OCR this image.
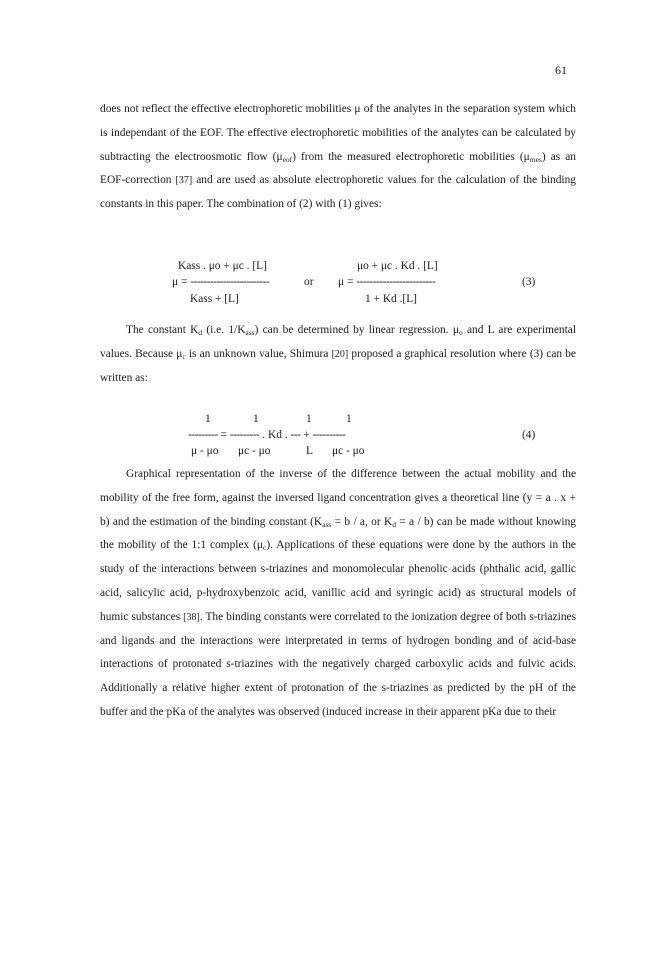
61

does not reflect the effective electrophoretic mobilities μ of the analytes in the separation system which is independant of the EOF. The effective electrophoretic mobilities of the analytes can be calculated by subtracting the electroosmotic flow $(\mu_{eof})$ from the measured electrophoretic mobilities $(\mu_{mes})$ as an EOF-correction [37] and are used as absolute electrophoretic values for the calculation of the binding constants in this paper. The combination of (2) with (1) gives:

Kass . μo + μc . [L]
μ = ------------------------
Kass + [L]
or
μo + μc . Kd . [L]
μ = ------------------------
1 + Kd .[L]
(3)

The constant $K_d$ (i.e. $1/K_{ass}$) can be determined by linear regression. $\mu_o$ and L are experimental values. Because $\mu_c$ is an unknown value, Shimura [20] proposed a graphical resolution where (3) can be written as:

1	1	1	1
--------- = --------- . Kd . --- + ----------
μ - μo μc - μo	L μc - μo
(4)

Graphical representation of the inverse of the difference between the actual mobility and the mobility of the free form, against the inversed ligand concentration gives a theoretical line (y = a . x + b) and the estimation of the binding constant ($K_{ass} = b / a$, or $K_d = a / b$) can be made without knowing the mobility of the 1:1 complex $(\mu_c)$. Applications of these equations were done by the authors in the study of the interactions between s-triazines and monomolecular phenolic acids (phthalic acid, gallic acid, salicylic acid, p-hydroxybenzoic acid, vanillic acid and syringic acid) as structural models of humic substances [38]. The binding constants were correlated to the ionization degree of both s-triazines and ligands and the interactions were interpretated in terms of hydrogen bonding and of acid-base interactions of protonated s-triazines with the negatively charged carboxylic acids and fulvic acids. Additionally a relative higher extent of protonation of the s-triazines as predicted by the pH of the buffer and the pKa of the analytes was observed (induced increase in their apparent pKa due to their
